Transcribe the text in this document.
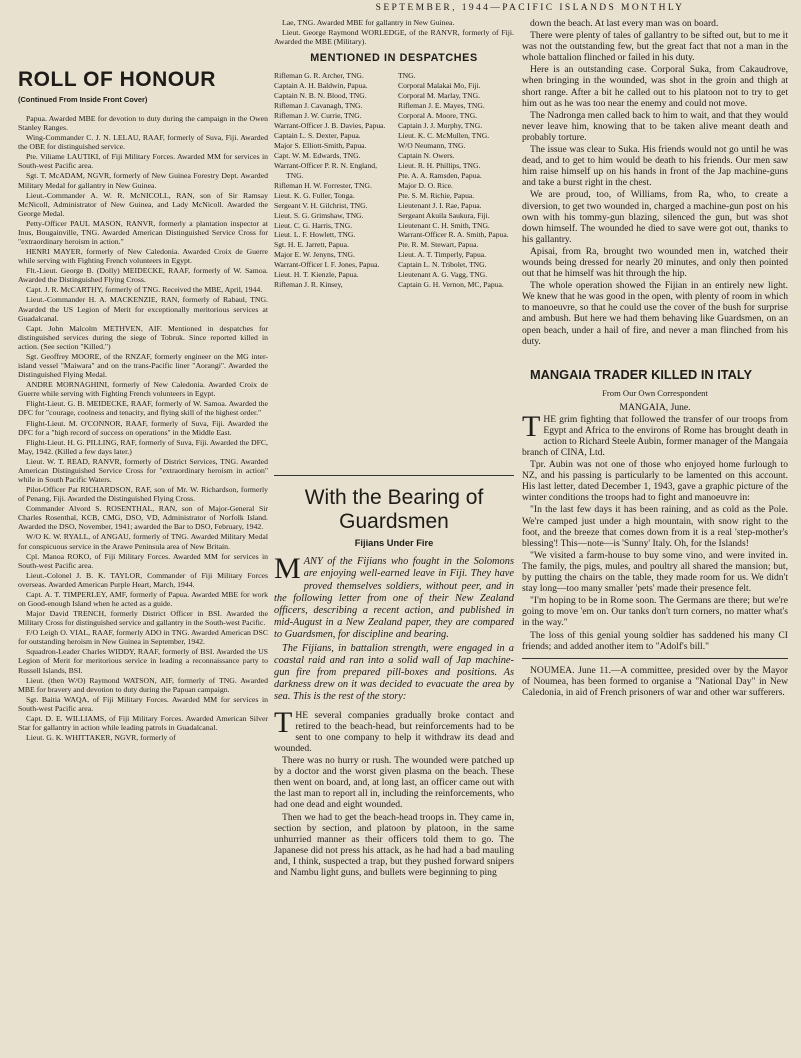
SEPTEMBER, 1944—PACIFIC ISLANDS MONTHLY
ROLL OF HONOUR
(Continued From Inside Front Cover)

Papua. Awarded MBE for devotion to duty during the campaign in the Owen Stanley Ranges.

Wing-Commander C. J. N. LELAU, RAAF, formerly of Suva, Fiji. Awarded the OBE for distinguished service.

Pte. Viliame LAUTIKI, of Fiji Military Forces. Awarded MM for services in South-west Pacific area.

Sgt. T. McADAM, NGVR, formerly of New Guinea Forestry Dept. Awarded Military Medal for gallantry in New Guinea.

Lieut.-Commander A. W. R. McNICOLL, RAN, son of Sir Ramsay McNicoll, Administrator of New Guinea, and Lady McNicoll. Awarded the George Medal.

Petty-Officer PAUL MASON, RANVR, formerly a plantation inspector at Inus, Bougainville, TNG. Awarded American Distinguished Service Cross for "extraordinary heroism in action."

HENRI MAYER, formerly of New Caledonia. Awarded Croix de Guerre while serving with Fighting French volunteers in Egypt.

Flt.-Lieut. George B. (Dolly) MEIDECKE, RAAF, formerly of W. Samoa. Awarded the Distinguished Flying Cross.

Capt. J. R. McCARTHY, formerly of TNG. Received the MBE, April, 1944.

Lieut.-Commander H. A. MACKENZIE, RAN, formerly of Rabaul, TNG. Awarded the US Legion of Merit for exceptionally meritorious services at Guadalcanal.

Capt. John Malcolm METHVEN, AIF. Mentioned in despatches for distinguished services during the siege of Tobruk. Since reported killed in action. (See section "Killed.")

Sgt. Geoffrey MOORE, of the RNZAF, formerly engineer on the MG inter-island vessel "Maiwara" and on the trans-Pacific liner "Aorangi". Awarded the Distinguished Flying Medal.

ANDRE MORNAGHINI, formerly of New Caledonia. Awarded Croix de Guerre while serving with Fighting French volunteers in Egypt.

Flight-Lieut. G. B. MEIDECKE, RAAF, formerly of W. Samoa. Awarded the DFC for "courage, coolness and tenacity, and flying skill of the highest order."

Flight-Lieut. M. O'CONNOR, RAAF, formerly of Suva, Fiji. Awarded the DFC for a "high record of success on operations" in the Middle East.

Flight-Lieut. H. G. PILLING, RAF, formerly of Suva, Fiji. Awarded the DFC, May, 1942. (Killed a few days later.)

Lieut. W. T. READ, RANVR, formerly of District Services, TNG. Awarded American Distinguished Service Cross for "extraordinary heroism in action" while in South Pacific Waters.

Pilot-Officer Pat RICHARDSON, RAF, son of Mr. W. Richardson, formerly of Penang, Fiji. Awarded the Distinguished Flying Cross.

Commander Alvord S. ROSENTHAL, RAN, son of Major-General Sir Charles Rosenthal, KCB, CMG, DSO, VD, Administrator of Norfolk Island. Awarded the DSO, November, 1941; awarded the Bar to DSO, February, 1942.

W/O K. W. RYALL, of ANGAU, formerly of TNG. Awarded Military Medal for conspicuous service in the Arawe Peninsula area of New Britain.

Cpl. Manoa ROKO, of Fiji Military Forces. Awarded MM for services in South-west Pacific area.

Lieut.-Colonel J. B. K. TAYLOR, Commander of Fiji Military Forces overseas. Awarded American Purple Heart, March, 1944.

Capt. A. T. TIMPERLEY, AMF, formerly of Papua. Awarded MBE for work on Good-enough Island when he acted as a guide.

Major David TRENCH, formerly District Officer in BSI. Awarded the Military Cross for distinguished service and gallantry in the South-west Pacific.

F/O Leigh O. VIAL, RAAF, formerly ADO in TNG. Awarded American DSC for outstanding heroism in New Guinea in September, 1942.

Squadron-Leader Charles WIDDY, RAAF, formerly of BSI. Awarded the US Legion of Merit for meritorious service in leading a reconnaissance party to Russell Islands, BSI.

Lieut. (then W/O) Raymond WATSON, AIF, formerly of TNG. Awarded MBE for bravery and devotion to duty during the Papuan campaign.

Sgt. Baitia WAQA, of Fiji Military Forces. Awarded MM for services in South-west Pacific area.

Capt. D. E. WILLIAMS, of Fiji Military Forces. Awarded American Silver Star for gallantry in action while leading patrols in Guadalcanal.

Lieut. G. K. WHITTAKER, NGVR, formerly of

Lae, TNG. Awarded MBE for gallantry in New Guinea.

Lieut. George Raymond WORLEDGE, of the RANVR, formerly of Fiji. Awarded the MBE (Military).

MENTIONED IN DESPATCHES
Rifleman G. R. Archer, TNG.
Captain A. H. Baldwin, Papua.
Captain N. B. N. Blood, TNG.
Rifleman J. Cavanagh, TNG.
Rifleman J. W. Currie, TNG.
Warrant-Officer J. B. Davies, Papua.
Captain L. S. Dexter, Papua.
Major S. Elliott-Smith, Papua.
Capt. W. M. Edwards, TNG.
Warrant-Officer P. R. N. England, TNG.
Rifleman H. W. Forrester, TNG.
Lieut. K. G. Fuller, Tonga.
Sergeant V. H. Gilchrist, TNG.
Lieut. S. G. Grimshaw, TNG.
Lieut. C. G. Harris, TNG.
Lieut. L. F. Howlett, TNG.
Sgt. H. E. Jarrett, Papua.
Major E. W. Jenyns, TNG.
Warrant-Officer I. F. Jones, Papua.
Lieut. H. T. Kienzle, Papua.
Rifleman J. R. Kinsey,
TNG.
Corporal Malakai Mo, Fiji.
Corporal M. Marlay, TNG.
Rifleman J. E. Mayes, TNG.
Corporal A. Moore, TNG.
Captain J. J. Murphy, TNG.
Lieut. K. C. McMullen, TNG.
W/O Neumann, TNG.
Captain N. Owers.
Lieut. R. H. Phillips, TNG.
Pte. A. A. Ramsden, Papua.
Major D. O. Rice.
Pte. S. M. Richie, Papua.
Lieutenant J. I. Rae, Papua.
Sergeant Akuila Saukura, Fiji.
Lieutenant C. H. Smith, TNG.
Warrant-Officer R. A. Smith, Papua.
Pte. R. M. Stewart, Papua.
Lieut. A. T. Timperly, Papua.
Captain L. N. Tribolet, TNG.
Lieutenant A. G. Vagg, TNG.
Captain G. H. Vernon, MC, Papua.
With the Bearing of Guardsmen
Fijians Under Fire

MANY of the Fijians who fought in the Solomons are enjoying well-earned leave in Fiji. They have proved themselves soldiers, without peer, and in the following letter from one of their New Zealand officers, describing a recent action, and published in mid-August in a New Zealand paper, they are compared to Guardsmen, for discipline and bearing.

The Fijians, in battalion strength, were engaged in a coastal raid and ran into a solid wall of Jap machine-gun fire from prepared pill-boxes and positions. As darkness drew on it was decided to evacuate the area by sea. This is the rest of the story:

THE several companies gradually broke contact and retired to the beach-head, but reinforcements had to be sent to one company to help it withdraw its dead and wounded.

There was no hurry or rush. The wounded were patched up by a doctor and the worst given plasma on the beach. These then went on board, and, at long last, an officer came out with the last man to report all in, including the reinforcements, who had one dead and eight wounded.

Then we had to get the beach-head troops in. They came in, section by section, and platoon by platoon, in the same unhurried manner as their officers told them to go. The Japanese did not press his attack, as he had had a bad mauling and, I think, suspected a trap, but they pushed forward snipers and Nambu light guns, and bullets were beginning to ping

down the beach. At last every man was on board.

There were plenty of tales of gallantry to be sifted out, but to me it was not the outstanding few, but the great fact that not a man in the whole battalion flinched or failed in his duty.

Here is an outstanding case. Corporal Suka, from Cakaudrove, when bringing in the wounded, was shot in the groin and thigh at short range. After a bit he called out to his platoon not to try to get him out as he was too near the enemy and could not move.

The Nadronga men called back to him to wait, and that they would never leave him, knowing that to be taken alive meant death and probably torture.

The issue was clear to Suka. His friends would not go until he was dead, and to get to him would be death to his friends. Our men saw him raise himself up on his hands in front of the Jap machine-guns and take a burst right in the chest.

We are proud, too, of Williams, from Ra, who, to create a diversion, to get two wounded in, charged a machine-gun post on his own with his tommy-gun blazing, silenced the gun, but was shot down himself. The wounded he died to save were got out, thanks to his gallantry.

Apisai, from Ra, brought two wounded men in, watched their wounds being dressed for nearly 20 minutes, and only then pointed out that he himself was hit through the hip.

The whole operation showed the Fijian in an entirely new light. We knew that he was good in the open, with plenty of room in which to manoeuvre, so that he could use the cover of the bush for surprise and ambush. But here we had them behaving like Guardsmen, on an open beach, under a hail of fire, and never a man flinched from his duty.

MANGAIA TRADER KILLED IN ITALY
From Our Own Correspondent
MANGAIA, June.

THE grim fighting that followed the transfer of our troops from Egypt and Africa to the environs of Rome has brought death in action to Richard Steele Aubin, former manager of the Mangaia branch of CINA, Ltd.

Tpr. Aubin was not one of those who enjoyed home furlough to NZ, and his passing is particularly to be lamented on this account. His last letter, dated December 1, 1943, gave a graphic picture of the winter conditions the troops had to fight and manoeuvre in:

"In the last few days it has been raining, and as cold as the Pole. We're camped just under a high mountain, with snow right to the foot, and the breeze that comes down from it is a real 'step-mother's blessing'! This—note—is 'Sunny' Italy. Oh, for the Islands!

"We visited a farm-house to buy some vino, and were invited in. The family, the pigs, mules, and poultry all shared the mansion; but, by putting the chairs on the table, they made room for us. We didn't stay long—too many smaller 'pets' made their presence felt.

"I'm hoping to be in Rome soon. The Germans are there; but we're going to move 'em on. Our tanks don't turn corners, no matter what's in the way."

The loss of this genial young soldier has saddened his many CI friends; and added another item to "Adolf's bill."

NOUMEA. June 11.—A committee, presided over by the Mayor of Noumea, has been formed to organise a "National Day" in New Caledonia, in aid of French prisoners of war and other war sufferers.
